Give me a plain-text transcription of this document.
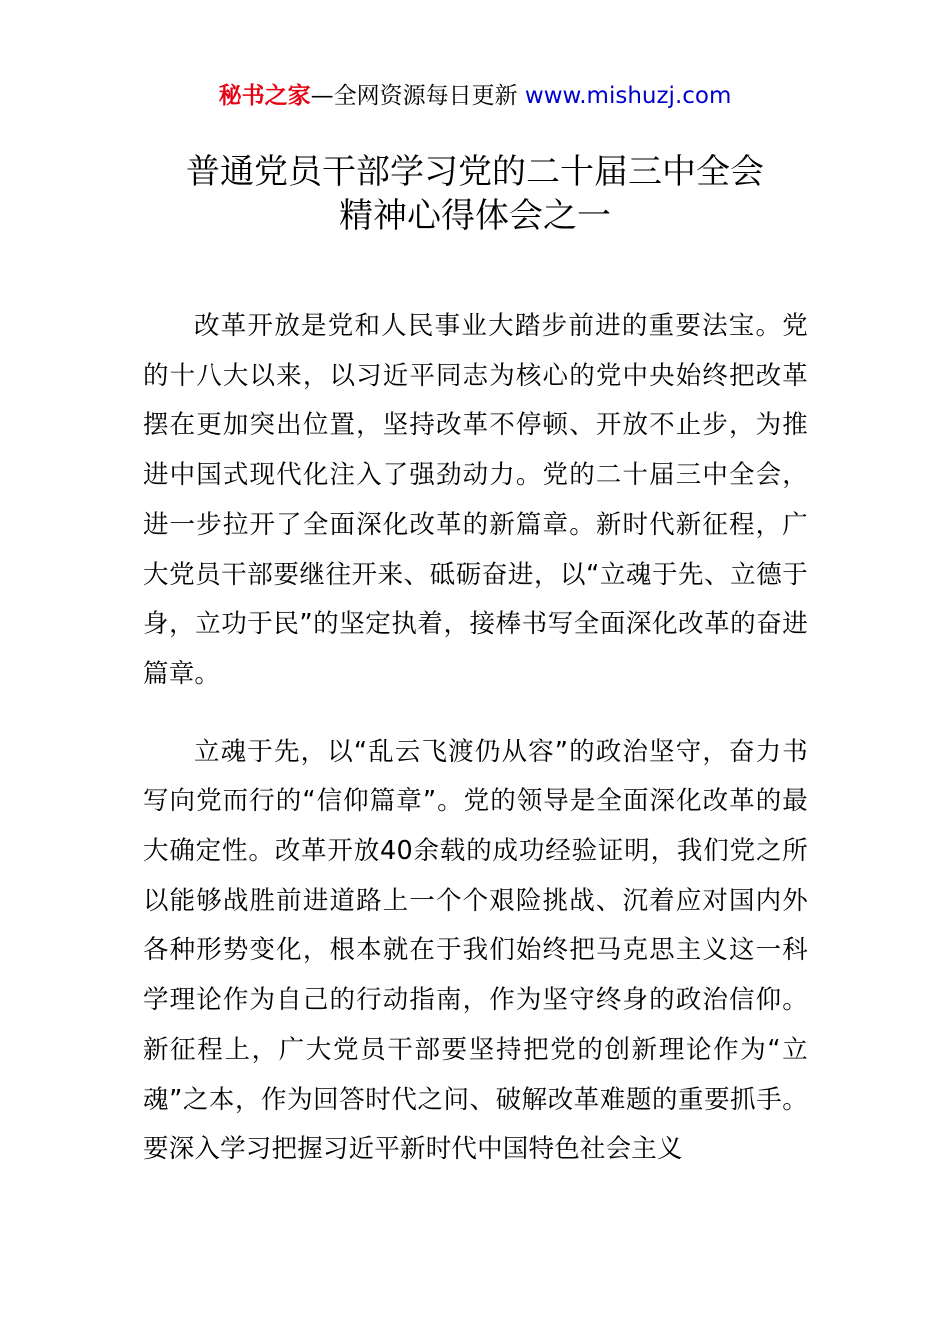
秘书之家—全网资源每日更新 www.mishuzj.com
普通党员干部学习党的二十届三中全会
精神心得体会之一

改革开放是党和人民事业大踏步前进的重要法宝。党的十八大以来，以习近平同志为核心的党中央始终把改革摆在更加突出位置，坚持改革不停顿、开放不止步，为推进中国式现代化注入了强劲动力。党的二十届三中全会，进一步拉开了全面深化改革的新篇章。新时代新征程，广大党员干部要继往开来、砥砺奋进，以“立魂于先、立德于身，立功于民”的坚定执着，接棒书写全面深化改革的奋进篇章。

立魂于先，以“乱云飞渡仍从容”的政治坚守，奋力书写向党而行的“信仰篇章”。党的领导是全面深化改革的最大确定性。改革开放40余载的成功经验证明，我们党之所以能够战胜前进道路上一个个艰险挑战、沉着应对国内外各种形势变化，根本就在于我们始终把马克思主义这一科学理论作为自己的行动指南，作为坚守终身的政治信仰。新征程上，广大党员干部要坚持把党的创新理论作为“立魂”之本，作为回答时代之问、破解改革难题的重要抓手。要深入学习把握习近平新时代中国特色社会主义
